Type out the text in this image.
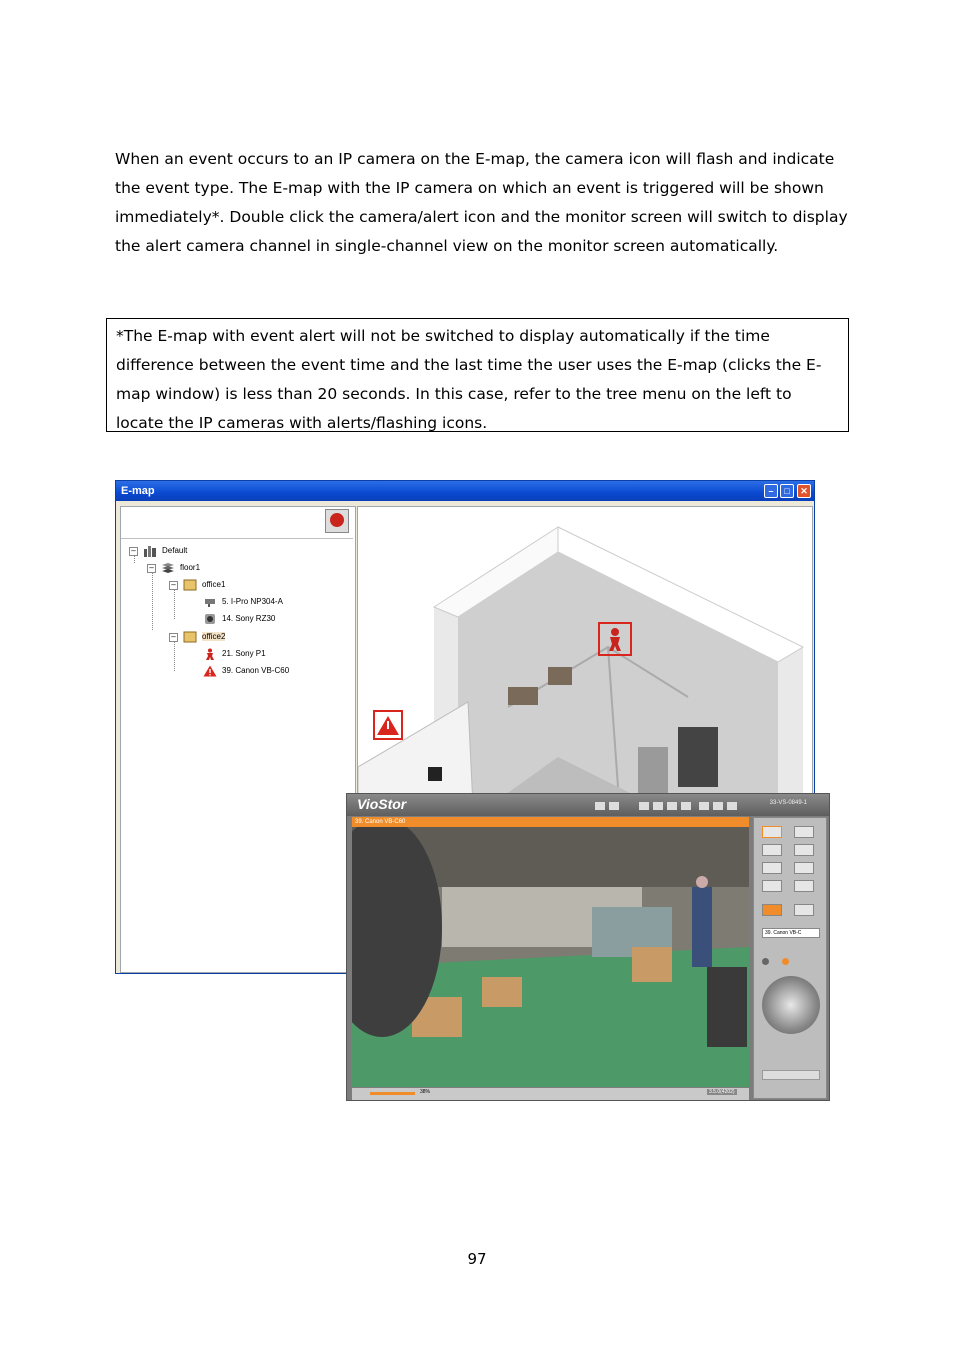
When an event occurs to an IP camera on the E-map, the camera icon will flash and indicate the event type. The E-map with the IP camera on which an event is triggered will be shown immediately*. Double click the camera/alert icon and the monitor screen will switch to display the alert camera channel in single-channel view on the monitor screen automatically.

*The E-map with event alert will not be switched to display automatically if the time difference between the event time and the last time the user uses the E-map (clicks the E-map window) is less than 20 seconds. In this case, refer to the tree menu on the left to locate the IP cameras with alerts/flashing icons.

E-map	–	□	✕
–	Default
–	floor1
–	office1
5. I-Pro NP304-A
14. Sony RZ30
–	office2
21. Sony P1
39. Canon VB-C60
VioStor	33-VS-0849-1
39. Canon VB-C60
38%	3.5.0(4202)
39. Canon VB-C
97
